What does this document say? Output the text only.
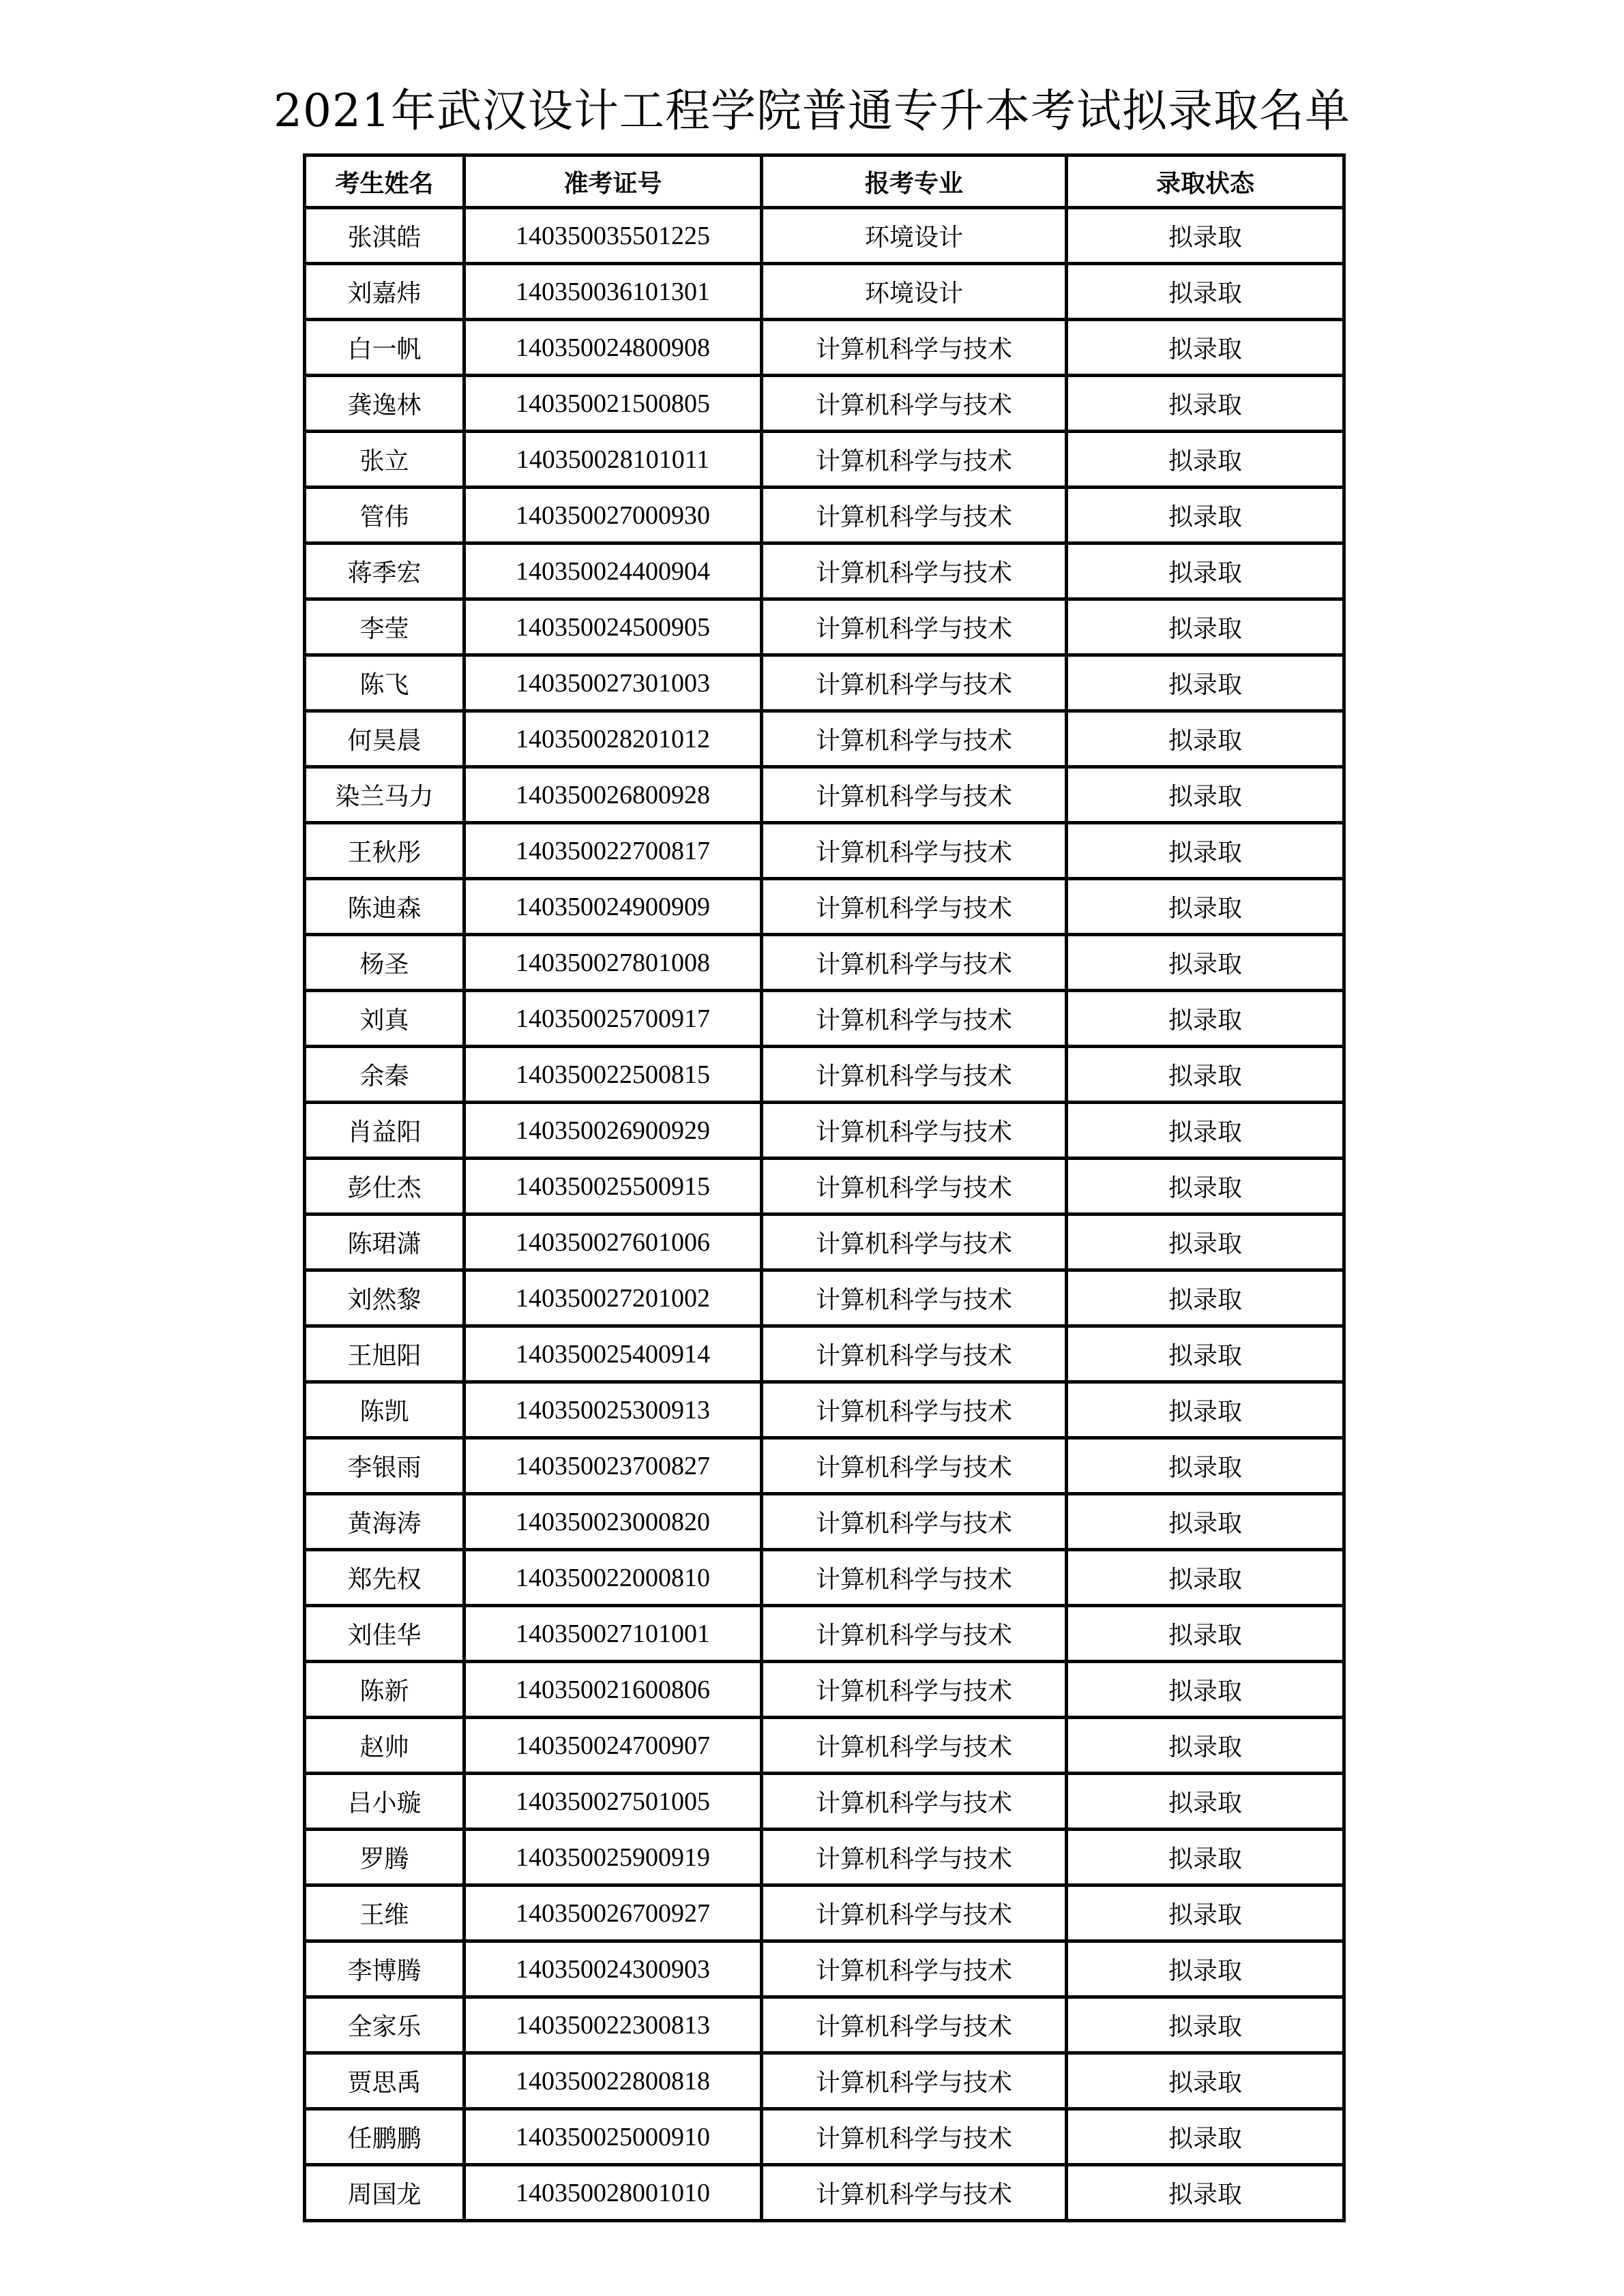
2021年武汉设计工程学院普通专升本考试拟录取名单
考生姓名	准考证号	报考专业	录取状态
张淇皓	140350035501225	环境设计	拟录取
刘嘉炜	140350036101301	环境设计	拟录取
白一帆	140350024800908	计算机科学与技术	拟录取
龚逸林	140350021500805	计算机科学与技术	拟录取
张立	140350028101011	计算机科学与技术	拟录取
管伟	140350027000930	计算机科学与技术	拟录取
蒋季宏	140350024400904	计算机科学与技术	拟录取
李莹	140350024500905	计算机科学与技术	拟录取
陈飞	140350027301003	计算机科学与技术	拟录取
何昊晨	140350028201012	计算机科学与技术	拟录取
染兰马力	140350026800928	计算机科学与技术	拟录取
王秋彤	140350022700817	计算机科学与技术	拟录取
陈迪森	140350024900909	计算机科学与技术	拟录取
杨圣	140350027801008	计算机科学与技术	拟录取
刘真	140350025700917	计算机科学与技术	拟录取
余秦	140350022500815	计算机科学与技术	拟录取
肖益阳	140350026900929	计算机科学与技术	拟录取
彭仕杰	140350025500915	计算机科学与技术	拟录取
陈珺潇	140350027601006	计算机科学与技术	拟录取
刘然黎	140350027201002	计算机科学与技术	拟录取
王旭阳	140350025400914	计算机科学与技术	拟录取
陈凯	140350025300913	计算机科学与技术	拟录取
李银雨	140350023700827	计算机科学与技术	拟录取
黄海涛	140350023000820	计算机科学与技术	拟录取
郑先权	140350022000810	计算机科学与技术	拟录取
刘佳华	140350027101001	计算机科学与技术	拟录取
陈新	140350021600806	计算机科学与技术	拟录取
赵帅	140350024700907	计算机科学与技术	拟录取
吕小璇	140350027501005	计算机科学与技术	拟录取
罗腾	140350025900919	计算机科学与技术	拟录取
王维	140350026700927	计算机科学与技术	拟录取
李博腾	140350024300903	计算机科学与技术	拟录取
全家乐	140350022300813	计算机科学与技术	拟录取
贾思禹	140350022800818	计算机科学与技术	拟录取
任鹏鹏	140350025000910	计算机科学与技术	拟录取
周国龙	140350028001010	计算机科学与技术	拟录取
